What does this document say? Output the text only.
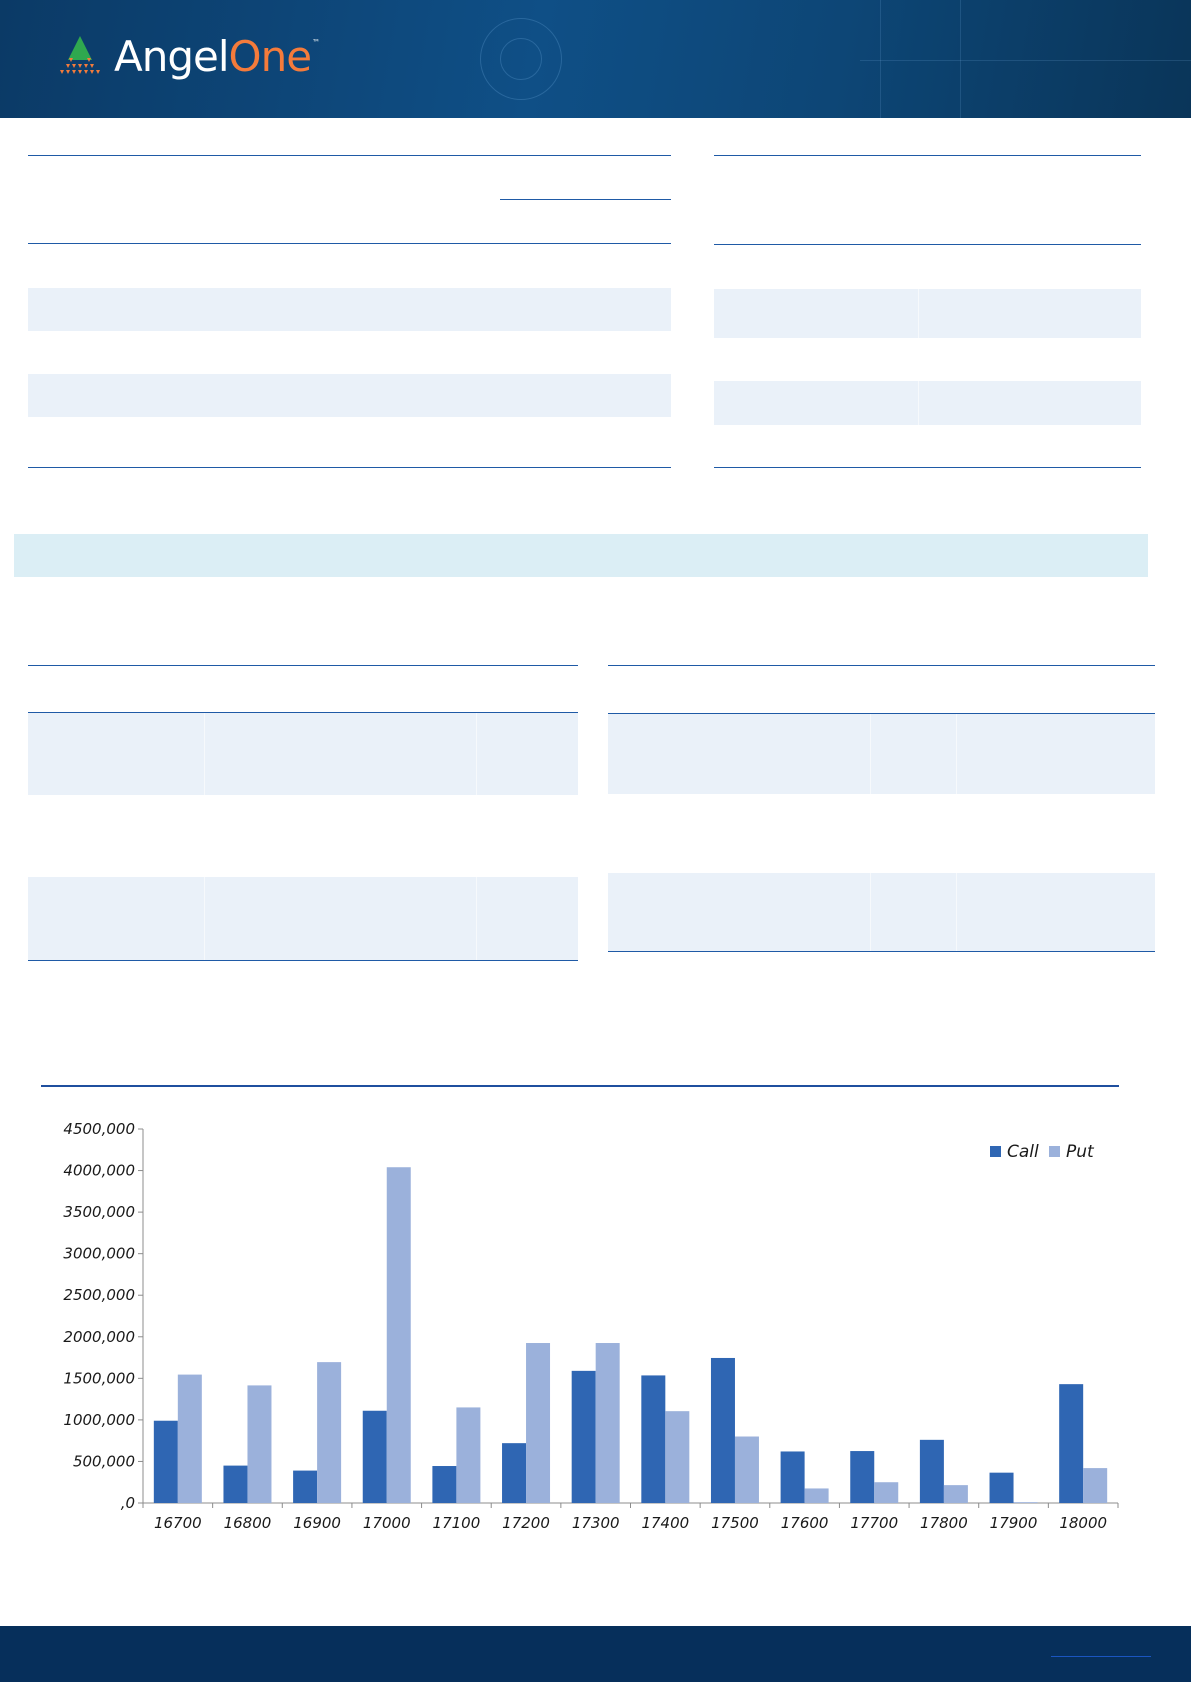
Angel One ™
,0
500,000
1000,000
1500,000
2000,000
2500,000
3000,000
3500,000
4000,000
4500,000
16700 16800 16900 17000 17100 17200 17300 17400 17500 17600 17700 17800 17900 18000
Call Put
